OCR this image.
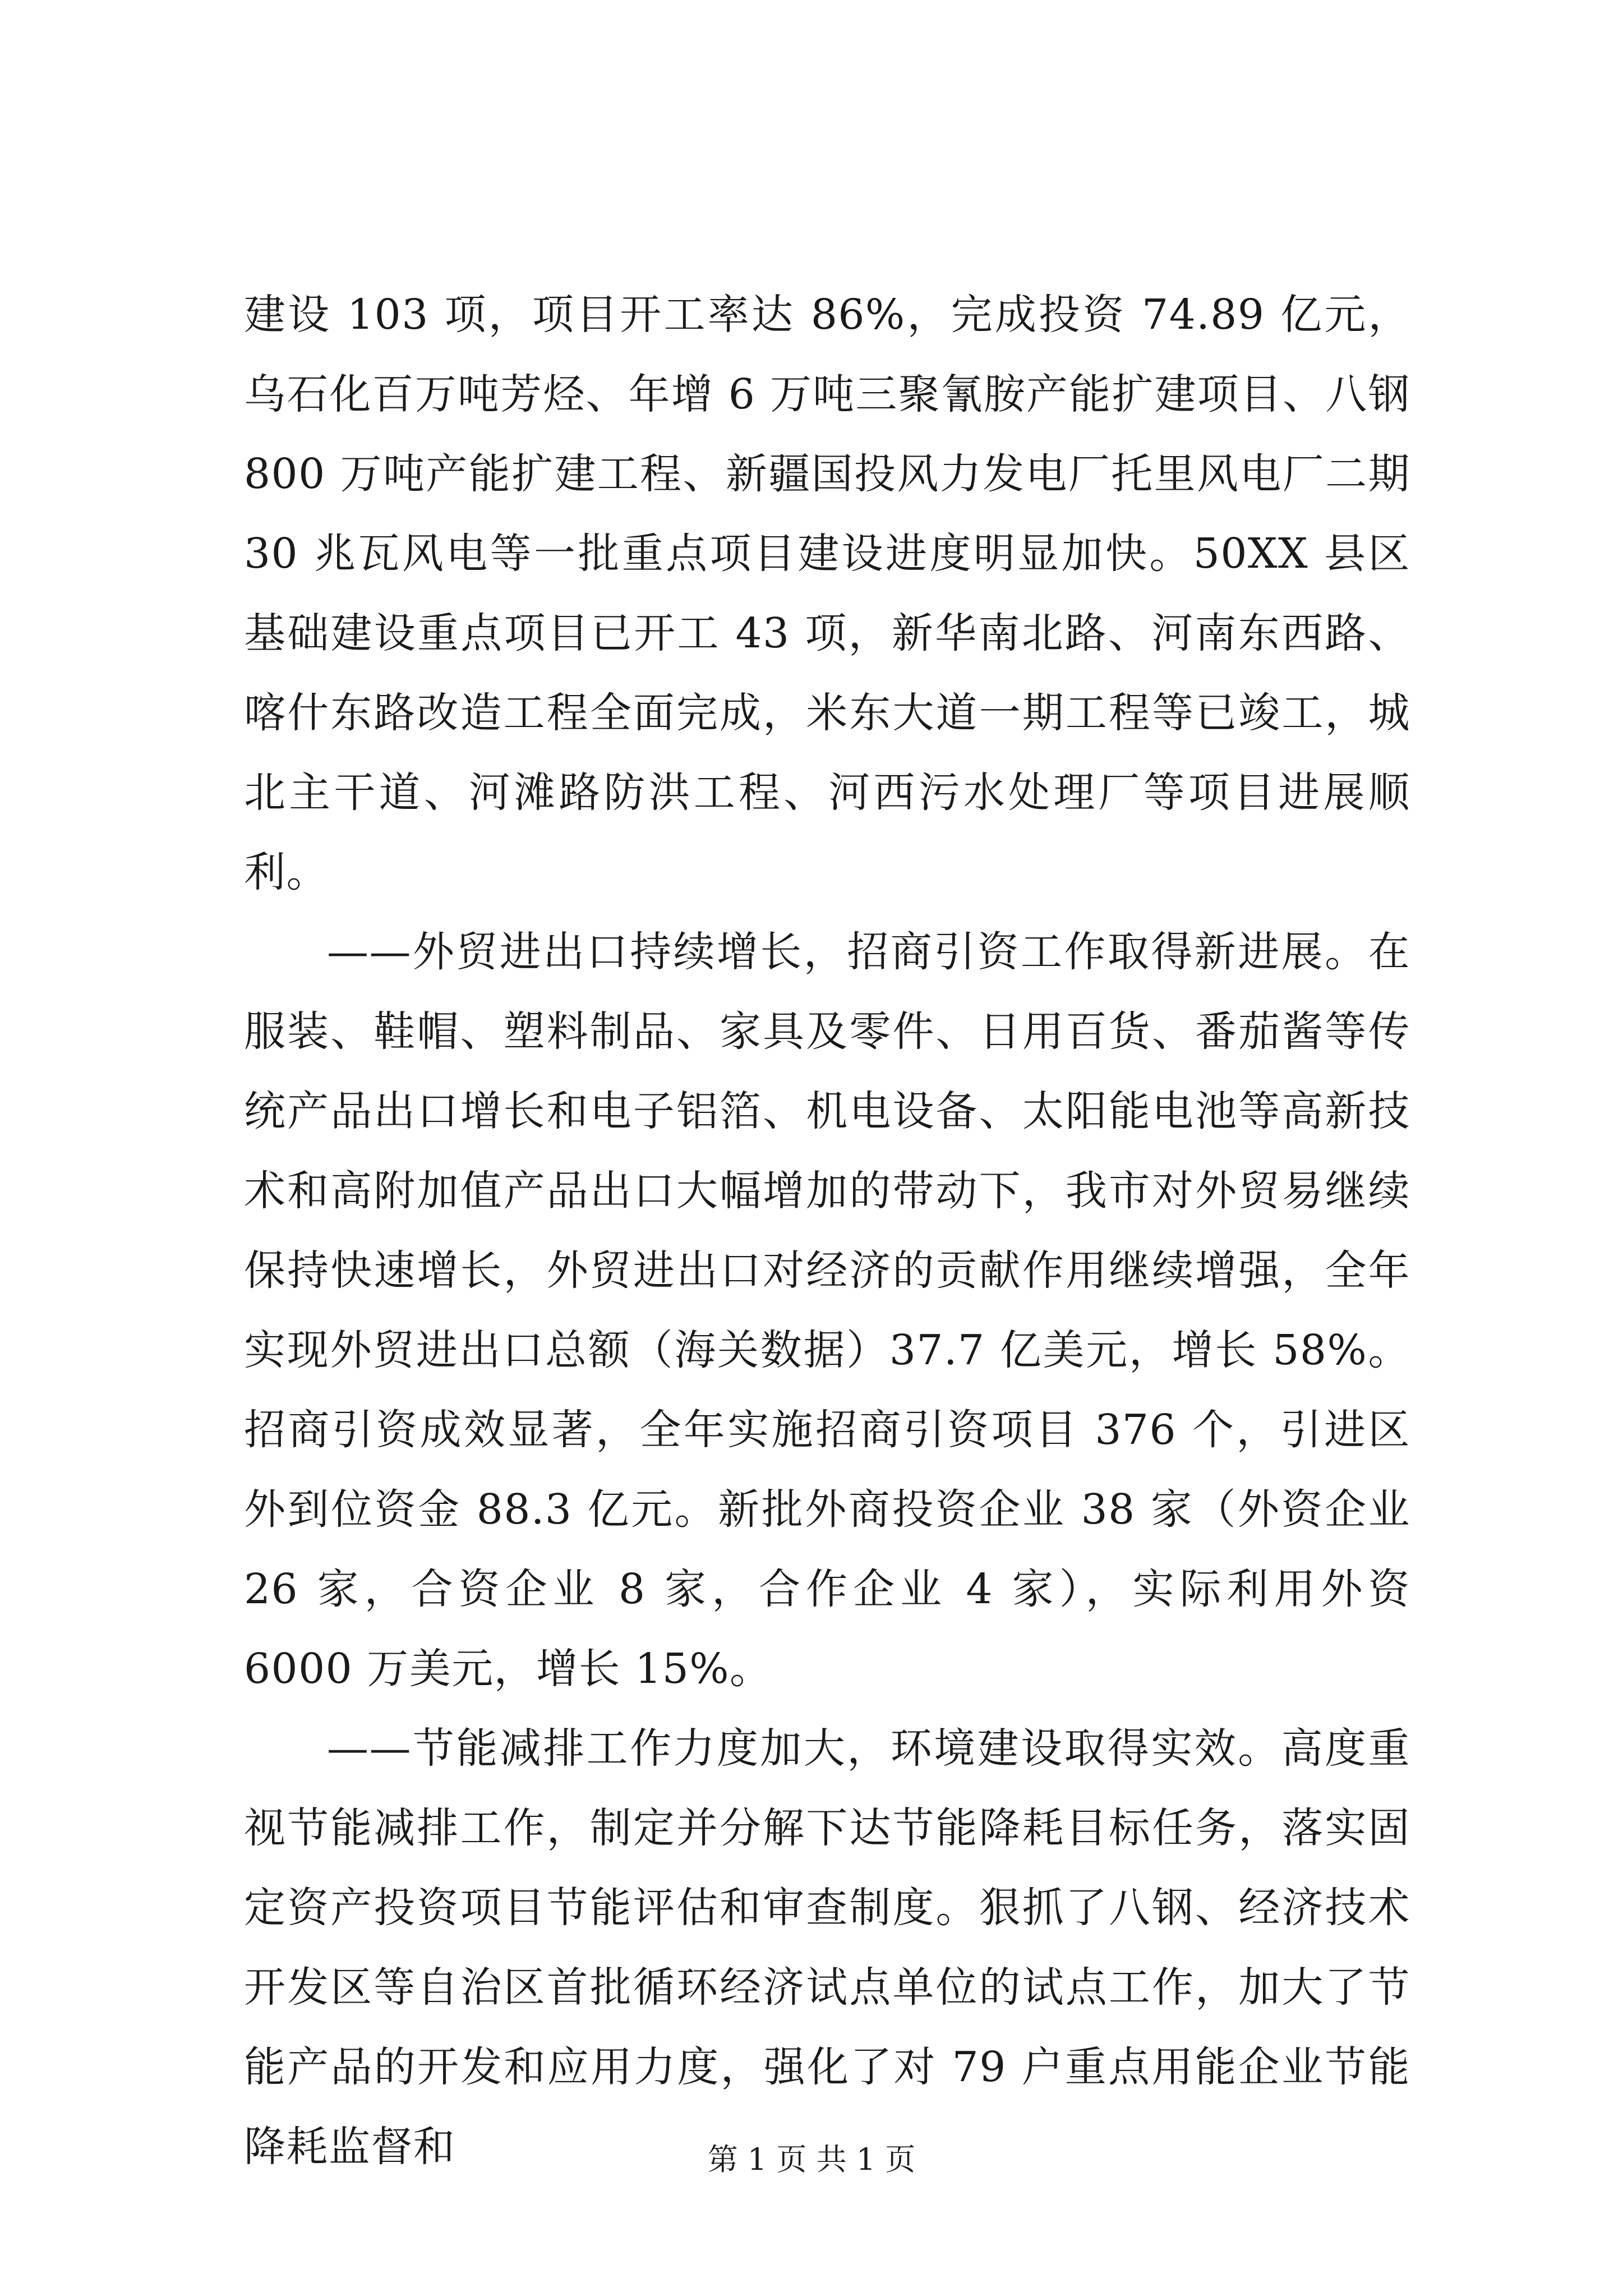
建设 103 项，项目开工率达 86%，完成投资 74.89 亿元，乌石化百万吨芳烃、年增 6 万吨三聚氰胺产能扩建项目、八钢 800 万吨产能扩建工程、新疆国投风力发电厂托里风电厂二期 30 兆瓦风电等一批重点项目建设进度明显加快。50XX 县区基础建设重点项目已开工 43 项，新华南北路、河南东西路、喀什东路改造工程全面完成，米东大道一期工程等已竣工，城北主干道、河滩路防洪工程、河西污水处理厂等项目进展顺利。

——外贸进出口持续增长，招商引资工作取得新进展。在服装、鞋帽、塑料制品、家具及零件、日用百货、番茄酱等传统产品出口增长和电子铝箔、机电设备、太阳能电池等高新技术和高附加值产品出口大幅增加的带动下，我市对外贸易继续保持快速增长，外贸进出口对经济的贡献作用继续增强，全年实现外贸进出口总额（海关数据）37.7 亿美元，增长 58%。招商引资成效显著，全年实施招商引资项目 376 个，引进区外到位资金 88.3 亿元。新批外商投资企业 38 家（外资企业 26 家，合资企业 8 家，合作企业 4 家），实际利用外资 6000 万美元，增长 15%。

——节能减排工作力度加大，环境建设取得实效。高度重视节能减排工作，制定并分解下达节能降耗目标任务，落实固定资产投资项目节能评估和审查制度。狠抓了八钢、经济技术开发区等自治区首批循环经济试点单位的试点工作，加大了节能产品的开发和应用力度，强化了对 79 户重点用能企业节能降耗监督和	第 1 页 共 1 页
